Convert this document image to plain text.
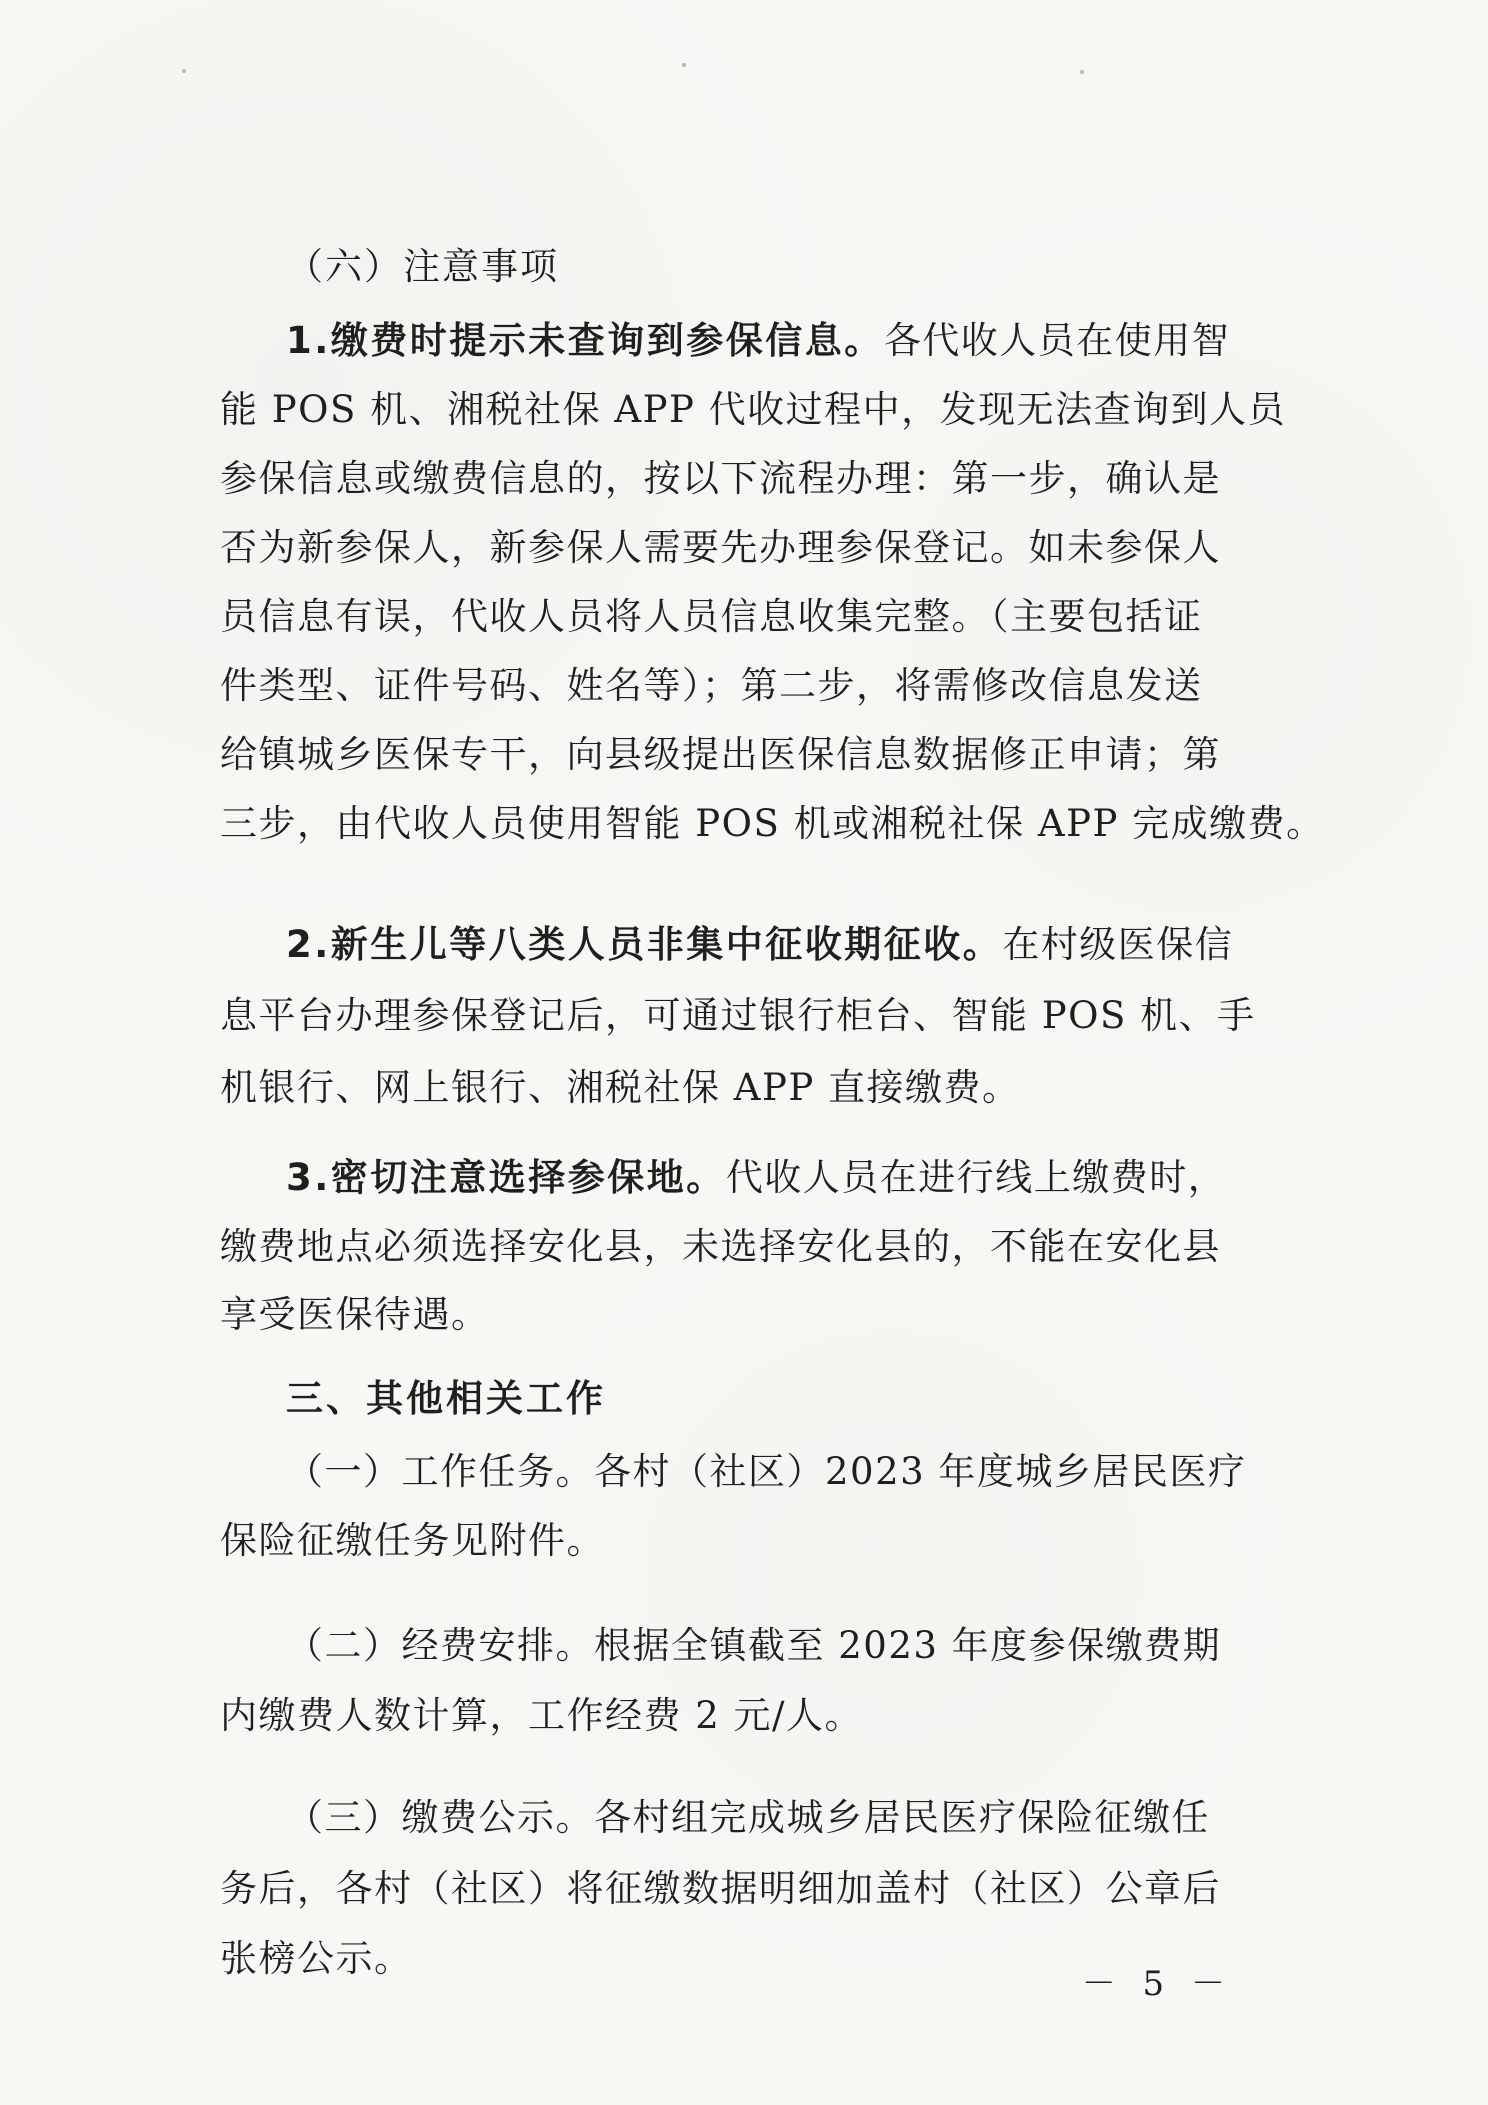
（六）注意事项
1.缴费时提示未查询到参保信息。各代收人员在使用智
能 POS 机、湘税社保 APP 代收过程中，发现无法查询到人员
参保信息或缴费信息的，按以下流程办理：第一步，确认是
否为新参保人，新参保人需要先办理参保登记。如未参保人
员信息有误，代收人员将人员信息收集完整。（主要包括证
件类型、证件号码、姓名等）；第二步，将需修改信息发送
给镇城乡医保专干，向县级提出医保信息数据修正申请；第
三步，由代收人员使用智能 POS 机或湘税社保 APP 完成缴费。
2.新生儿等八类人员非集中征收期征收。在村级医保信
息平台办理参保登记后，可通过银行柜台、智能 POS 机、手
机银行、网上银行、湘税社保 APP 直接缴费。
3.密切注意选择参保地。代收人员在进行线上缴费时，
缴费地点必须选择安化县，未选择安化县的，不能在安化县
享受医保待遇。
三、其他相关工作
（一）工作任务。各村（社区）2023 年度城乡居民医疗
保险征缴任务见附件。
（二）经费安排。根据全镇截至 2023 年度参保缴费期
内缴费人数计算，工作经费 2 元/人。
（三）缴费公示。各村组完成城乡居民医疗保险征缴任
务后，各村（社区）将征缴数据明细加盖村（社区）公章后
张榜公示。
－ 5 －
